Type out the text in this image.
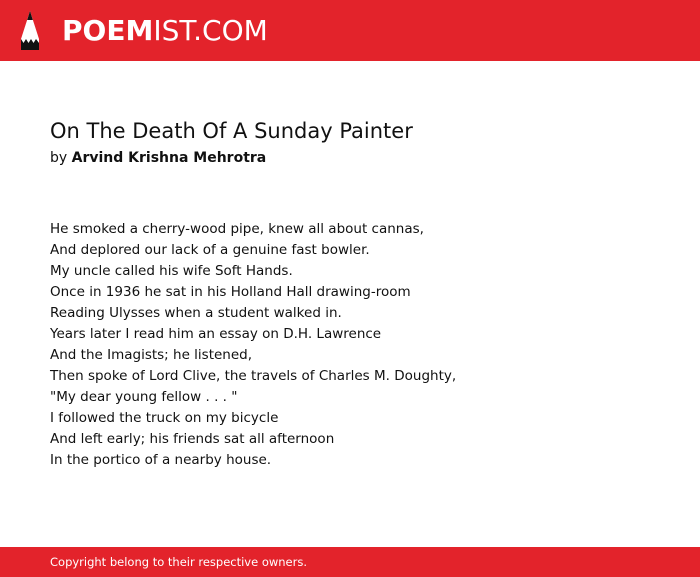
POEMIST.COM
On The Death Of A Sunday Painter
by Arvind Krishna Mehrotra
He smoked a cherry-wood pipe, knew all about cannas,
And deplored our lack of a genuine fast bowler.
My uncle called his wife Soft Hands.
Once in 1936 he sat in his Holland Hall drawing-room
Reading Ulysses when a student walked in.
Years later I read him an essay on D.H. Lawrence
And the Imagists; he listened,
Then spoke of Lord Clive, the travels of Charles M. Doughty,
"My dear young fellow . . . "
I followed the truck on my bicycle
And left early; his friends sat all afternoon
In the portico of a nearby house.
Copyright belong to their respective owners.
